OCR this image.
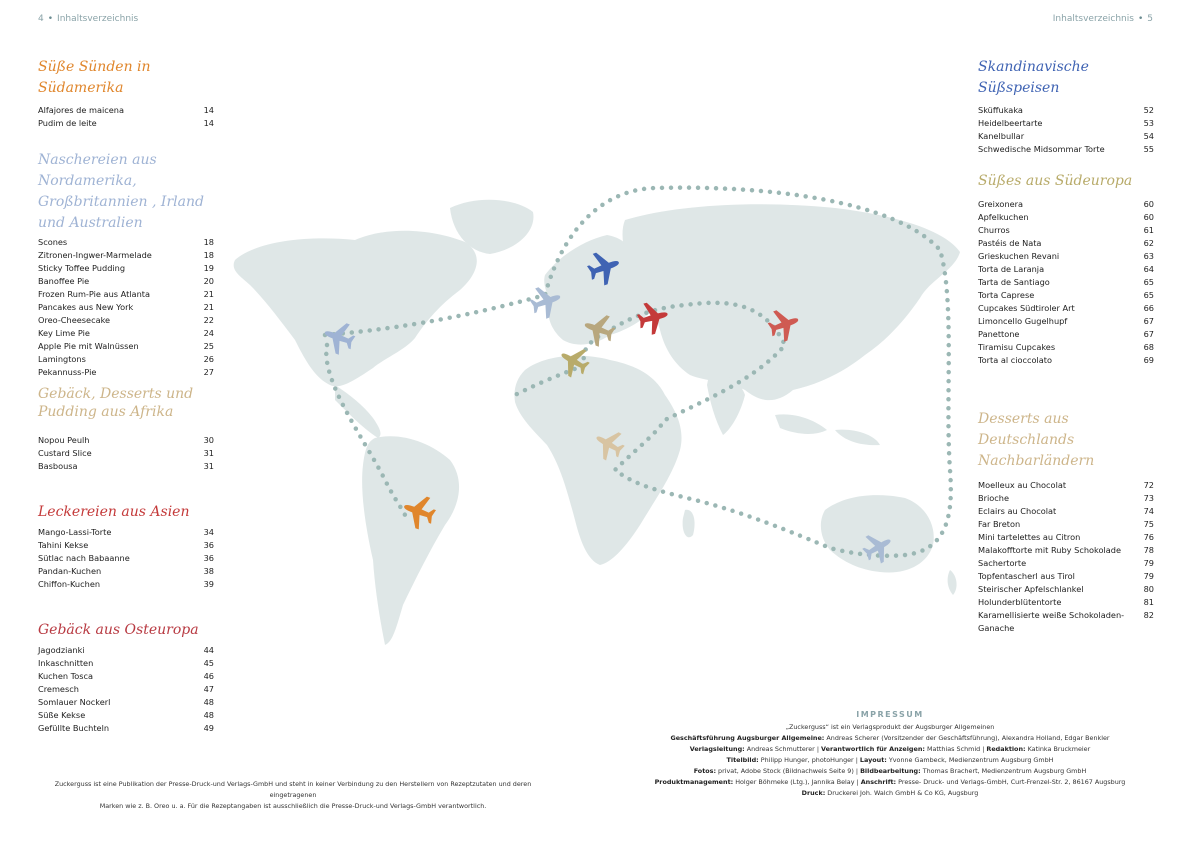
4 • Inhaltsverzeichnis	Inhaltsverzeichnis • 5
Süße Sünden in Südamerika
Alfajores de maicena	14
Pudim de leite	14
Naschereien aus Nordamerika,
Großbritannien , Irland
und Australien
Scones	18
Zitronen-Ingwer-Marmelade	18
Sticky Toffee Pudding	19
Banoffee Pie	20
Frozen Rum-Pie aus Atlanta	21
Pancakes aus New York	21
Oreo-Cheesecake	22
Key Lime Pie	24
Apple Pie mit Walnüssen	25
Lamingtons	26
Pekannuss-Pie	27
Gebäck, Desserts und
Pudding aus Afrika
Nopou Peulh	30
Custard Slice	31
Basbousa	31
Leckereien aus Asien
Mango-Lassi-Torte	34
Tahini Kekse	36
Sütlac nach Babaanne	36
Pandan-Kuchen	38
Chiffon-Kuchen	39
Gebäck aus Osteuropa
Jagodzianki	44
Inkaschnitten	45
Kuchen Tosca	46
Cremesch	47
Somlauer Nockerl	48
Süße Kekse	48
Gefüllte Buchteln	49
Skandinavische Süßspeisen
Sküffukaka	52
Heidelbeertarte	53
Kanelbullar	54
Schwedische Midsommar Torte	55
Süßes aus Südeuropa
Greixonera	60
Apfelkuchen	60
Churros	61
Pastéis de Nata	62
Grieskuchen Revani	63
Torta de Laranja	64
Tarta de Santiago	65
Torta Caprese	65
Cupcakes Südtiroler Art	66
Limoncello Gugelhupf	67
Panettone	67
Tiramisu Cupcakes	68
Torta al cioccolato	69
Desserts aus Deutschlands
Nachbarländern
Moelleux au Chocolat	72
Brioche	73
Eclairs au Chocolat	74
Far Breton	75
Mini tartelettes au Citron	76
Malakofftorte mit Ruby Schokolade	78
Sachertorte	79
Topfentascherl aus Tirol	79
Steirischer Apfelschlankel	80
Holunderblütentorte	81
Karamellisierte weiße Schokoladen-Ganache
82
Zuckerguss ist eine Publikation der Presse-Druck-und Verlags-GmbH und steht in keiner Verbindung zu den Herstellern von Rezeptzutaten und deren eingetragenen
Marken wie z. B. Oreo u. a. Für die Rezeptangaben ist ausschließlich die Presse-Druck-und Verlags-GmbH verantwortlich.
IMPRESSUM
„Zuckerguss“ ist ein Verlagsprodukt der Augsburger Allgemeinen
Geschäftsführung Augsburger Allgemeine: Andreas Scherer (Vorsitzender der Geschäftsführung), Alexandra Holland, Edgar Benkler
Verlagsleitung: Andreas Schmutterer | Verantwortlich für Anzeigen: Matthias Schmid | Redaktion: Katinka Bruckmeier
Titelbild: Philipp Hunger, photoHunger | Layout: Yvonne Gambeck, Medienzentrum Augsburg GmbH
Fotos: privat, Adobe Stock (Bildnachweis Seite 9) | Bildbearbeitung: Thomas Brachert, Medienzentrum Augsburg GmbH
Produktmanagement: Holger Böhmeke (Ltg.), Jannika Belay | Anschrift: Presse- Druck- und Verlags-GmbH, Curt-Frenzel-Str. 2, 86167 Augsburg
Druck: Druckerei Joh. Walch GmbH & Co KG, Augsburg
